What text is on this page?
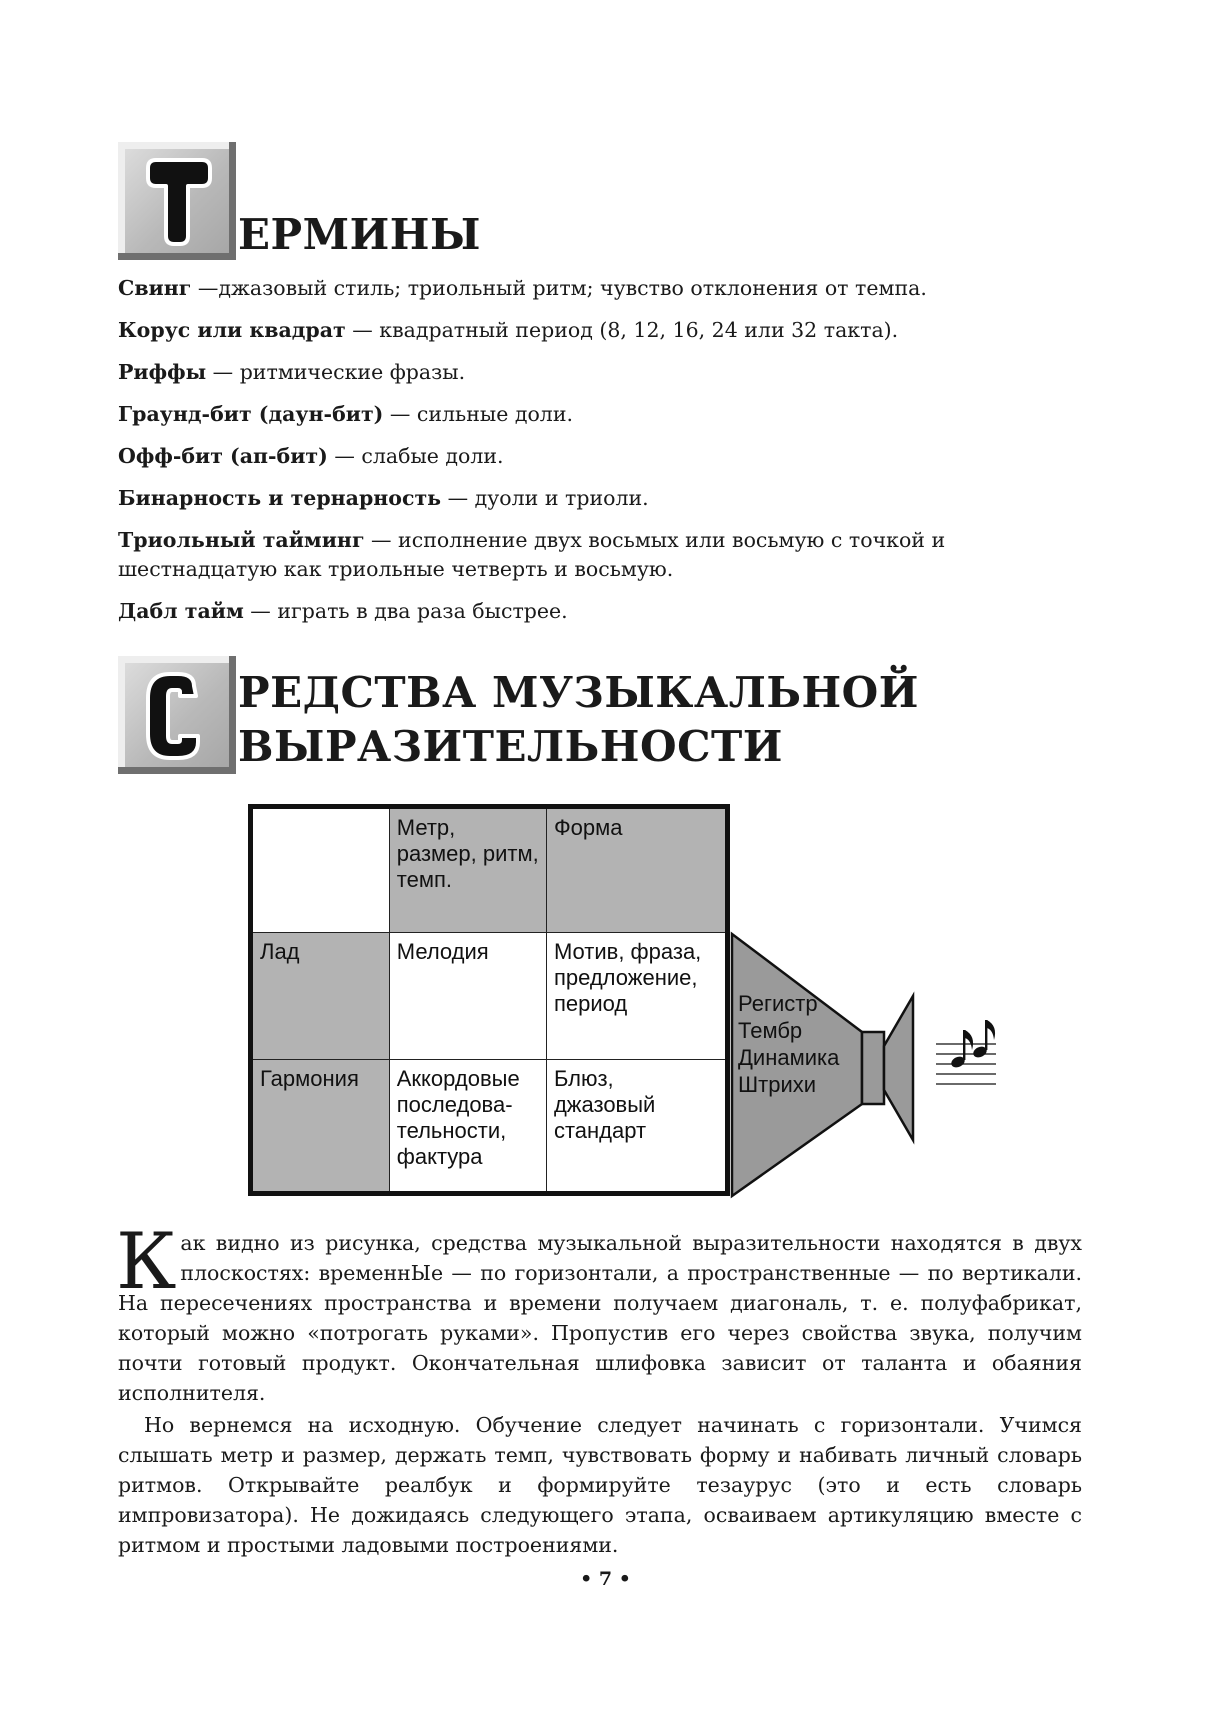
Т ЕРМИНЫ

Свинг —джазовый стиль; триольный ритм; чувство отклонения от темпа.

Корус или квадрат — квадратный период (8, 12, 16, 24 или 32 такта).

Риффы — ритмические фразы.

Граунд-бит (даун-бит) — сильные доли.

Офф-бит (ап-бит) — слабые доли.

Бинарность и тернарность — дуоли и триоли.

Триольный тайминг — исполнение двух восьмых или восьмую с точкой и шестнадцатую как триольные четверть и восьмую.

Дабл тайм — играть в два раза быстрее.

С
РЕДСТВА МУЗЫКАЛЬНОЙ
ВЫРАЗИТЕЛЬНОСТИ
	Метр, размер, ритм, темп.	Форма
Лад	Мелодия	Мотив, фраза, предложение, период
Гармония	Аккордовые последова-тельности, фактура	Блюз, джазовый стандарт
Регистр
Тембр
Динамика
Штрихи

Как видно из рисунка, средства музыкальной выразительности находятся в двух плоскостях: временнЫе — по горизонтали, а пространственные — по вертикали. На пересечениях пространства и времени получаем диагональ, т. е. полуфабрикат, который можно «потрогать руками». Пропустив его через свойства звука, получим почти готовый продукт. Окончательная шлифовка зависит от таланта и обаяния исполнителя.

Но вернемся на исходную. Обучение следует начинать с горизонтали. Учимся слышать метр и размер, держать темп, чувствовать форму и набивать личный словарь ритмов. Открывайте реалбук и формируйте тезаурус (это и есть словарь импровизатора). Не дожидаясь следующего этапа, осваиваем артикуляцию вместе с ритмом и простыми ладовыми построениями.

• 7 •
